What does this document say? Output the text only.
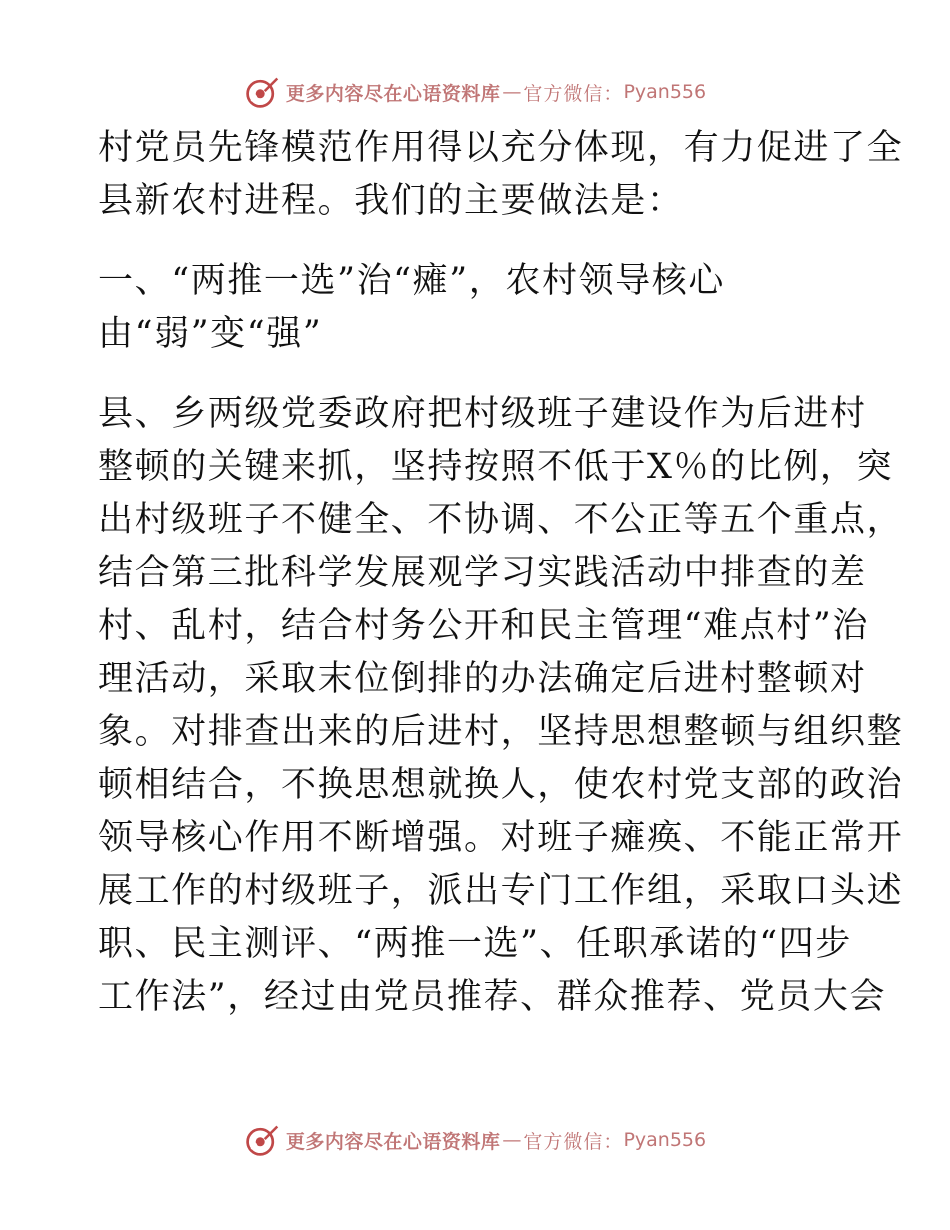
更多内容尽在心语资料库 — 官方微信： Pyan556
村党员先锋模范作用得以充分体现，有力促进了全
县新农村进程。我们的主要做法是：
一、“两推一选”治“瘫”，农村领导核心
由“弱”变“强”
县、乡两级党委政府把村级班子建设作为后进村
整顿的关键来抓，坚持按照不低于X％的比例，突
出村级班子不健全、不协调、不公正等五个重点，
结合第三批科学发展观学习实践活动中排查的差
村、乱村，结合村务公开和民主管理“难点村”治
理活动，采取末位倒排的办法确定后进村整顿对
象。对排查出来的后进村，坚持思想整顿与组织整
顿相结合，不换思想就换人，使农村党支部的政治
领导核心作用不断增强。对班子瘫痪、不能正常开
展工作的村级班子，派出专门工作组，采取口头述
职、民主测评、“两推一选”、任职承诺的“四步
工作法”，经过由党员推荐、群众推荐、党员大会
更多内容尽在心语资料库 — 官方微信： Pyan556
